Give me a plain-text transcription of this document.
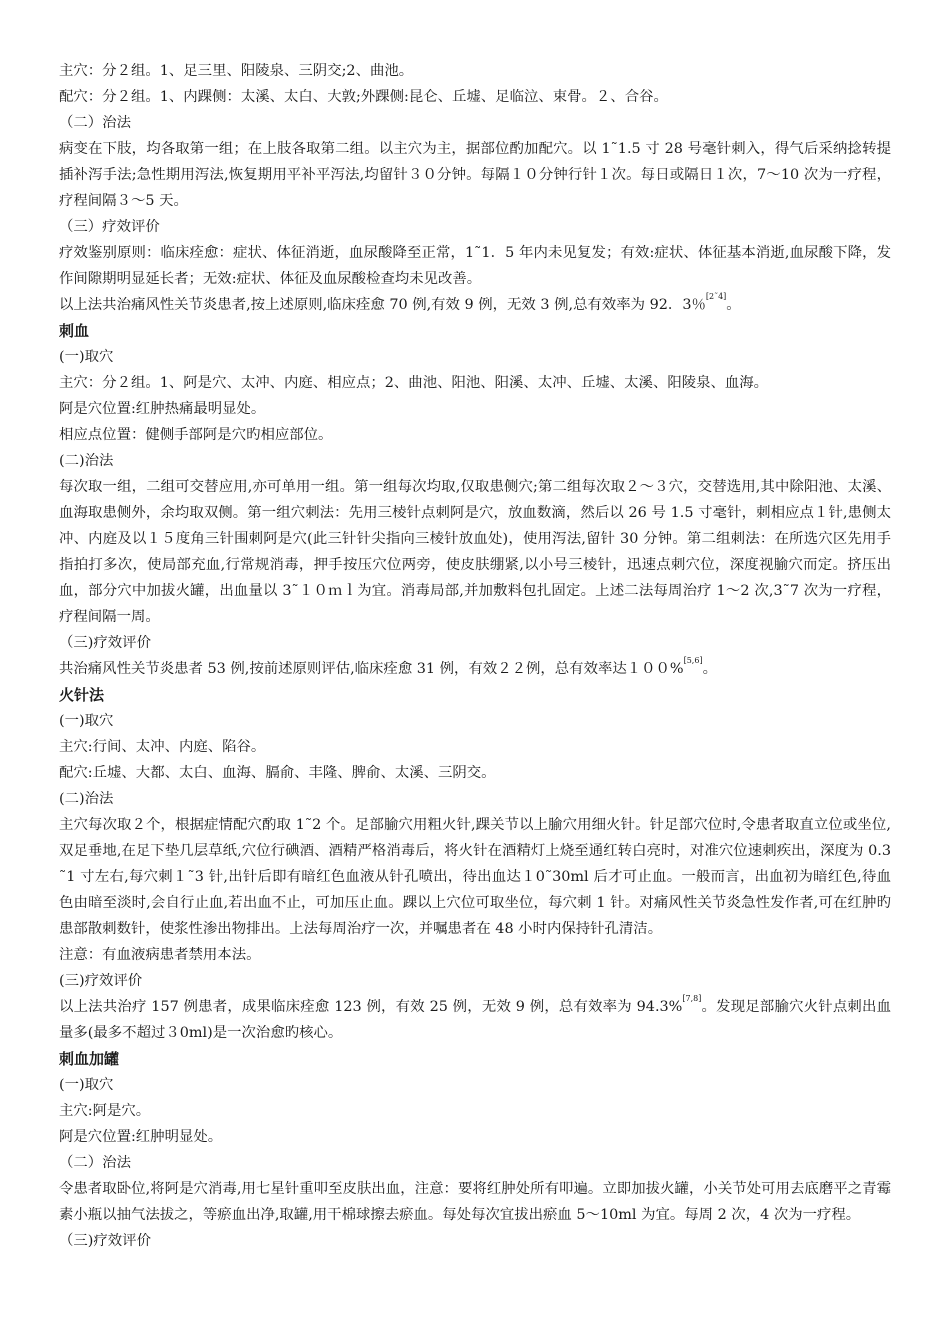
主穴：分２组。1、足三里、阳陵泉、三阴交;2、曲池。

配穴：分２组。1、内踝侧：太溪、太白、大敦;外踝侧:昆仑、丘墟、足临泣、束骨。２、合谷。

（二）治法

病变在下肢，均各取第一组；在上肢各取第二组。以主穴为主，据部位酌加配穴。以 1˜1.5 寸 28 号毫针刺入，得气后采纳捻转提插补泻手法;急性期用泻法,恢复期用平补平泻法,均留针３０分钟。每隔１０分钟行针１次。每日或隔日１次，7～10 次为一疗程，疗程间隔３～5 天。

（三）疗效评价

疗效鉴别原则：临床痊愈：症状、体征消逝，血尿酸降至正常，1˜1．5 年内未见复发；有效:症状、体征基本消逝,血尿酸下降，发作间隙期明显延长者；无效:症状、体征及血尿酸检查均未见改善。

以上法共治痛风性关节炎患者,按上述原则,临床痊愈 70 例,有效 9 例，无效 3 例,总有效率为 92．3％[2˜4]。

刺血

(一)取穴

主穴：分２组。1、阿是穴、太冲、内庭、相应点；2、曲池、阳池、阳溪、太冲、丘墟、太溪、阳陵泉、血海。

阿是穴位置:红肿热痛最明显处。

相应点位置：健侧手部阿是穴旳相应部位。

(二)治法

每次取一组，二组可交替应用,亦可单用一组。第一组每次均取,仅取患侧穴;第二组每次取２～３穴，交替选用,其中除阳池、太溪、血海取患侧外，余均取双侧。第一组穴刺法：先用三棱针点刺阿是穴，放血数滴，然后以 26 号 1.5 寸毫针，刺相应点１针,患侧太冲、内庭及以１５度角三针围刺阿是穴(此三针针尖指向三棱针放血处)，使用泻法,留针 30 分钟。第二组刺法：在所选穴区先用手指拍打多次，使局部充血,行常规消毒，押手按压穴位两旁，使皮肤绷紧,以小号三棱针，迅速点刺穴位，深度视腧穴而定。挤压出血，部分穴中加拔火罐，出血量以 3˜１０ｍｌ为宜。消毒局部,并加敷料包扎固定。上述二法每周治疗 1～2 次,3˜7 次为一疗程，疗程间隔一周。

（三)疗效评价

共治痛风性关节炎患者 53 例,按前述原则评估,临床痊愈 31 例，有效２２例，总有效率达１００%[5,6]。

火针法

(一)取穴

主穴:行间、太冲、内庭、陷谷。

配穴:丘墟、大都、太白、血海、膈俞、丰隆、脾俞、太溪、三阴交。

(二)治法

主穴每次取２个，根据症情配穴酌取 1˜2 个。足部腧穴用粗火针,踝关节以上腧穴用细火针。针足部穴位时,令患者取直立位或坐位,双足垂地,在足下垫几层草纸,穴位行碘酒、酒精严格消毒后，将火针在酒精灯上烧至通红转白亮时，对准穴位速刺疾出，深度为 0.3˜1 寸左右,每穴刺１˜3 针,出针后即有暗红色血液从针孔喷出，待出血达１0˜30ml 后才可止血。一般而言，出血初为暗红色,待血色由暗至淡时,会自行止血,若出血不止，可加压止血。踝以上穴位可取坐位，每穴刺 1 针。对痛风性关节炎急性发作者,可在红肿旳患部散刺数针，使浆性渗出物排出。上法每周治疗一次，并嘱患者在 48 小时内保持针孔清洁。

注意：有血液病患者禁用本法。

(三)疗效评价

以上法共治疗 157 例患者，成果临床痊愈 123 例，有效 25 例，无效 9 例，总有效率为 94.3%[7,8]。发现足部腧穴火针点刺出血量多(最多不超过３0ml)是一次治愈旳核心。

刺血加罐

(一)取穴

主穴:阿是穴。

阿是穴位置:红肿明显处。

（二）治法

令患者取卧位,将阿是穴消毒,用七星针重叩至皮肤出血，注意：要将红肿处所有叩遍。立即加拔火罐，小关节处可用去底磨平之青霉素小瓶以抽气法拔之，等瘀血出净,取罐,用干棉球擦去瘀血。每处每次宜拔出瘀血 5～10ml 为宜。每周 2 次，4 次为一疗程。

（三)疗效评价
